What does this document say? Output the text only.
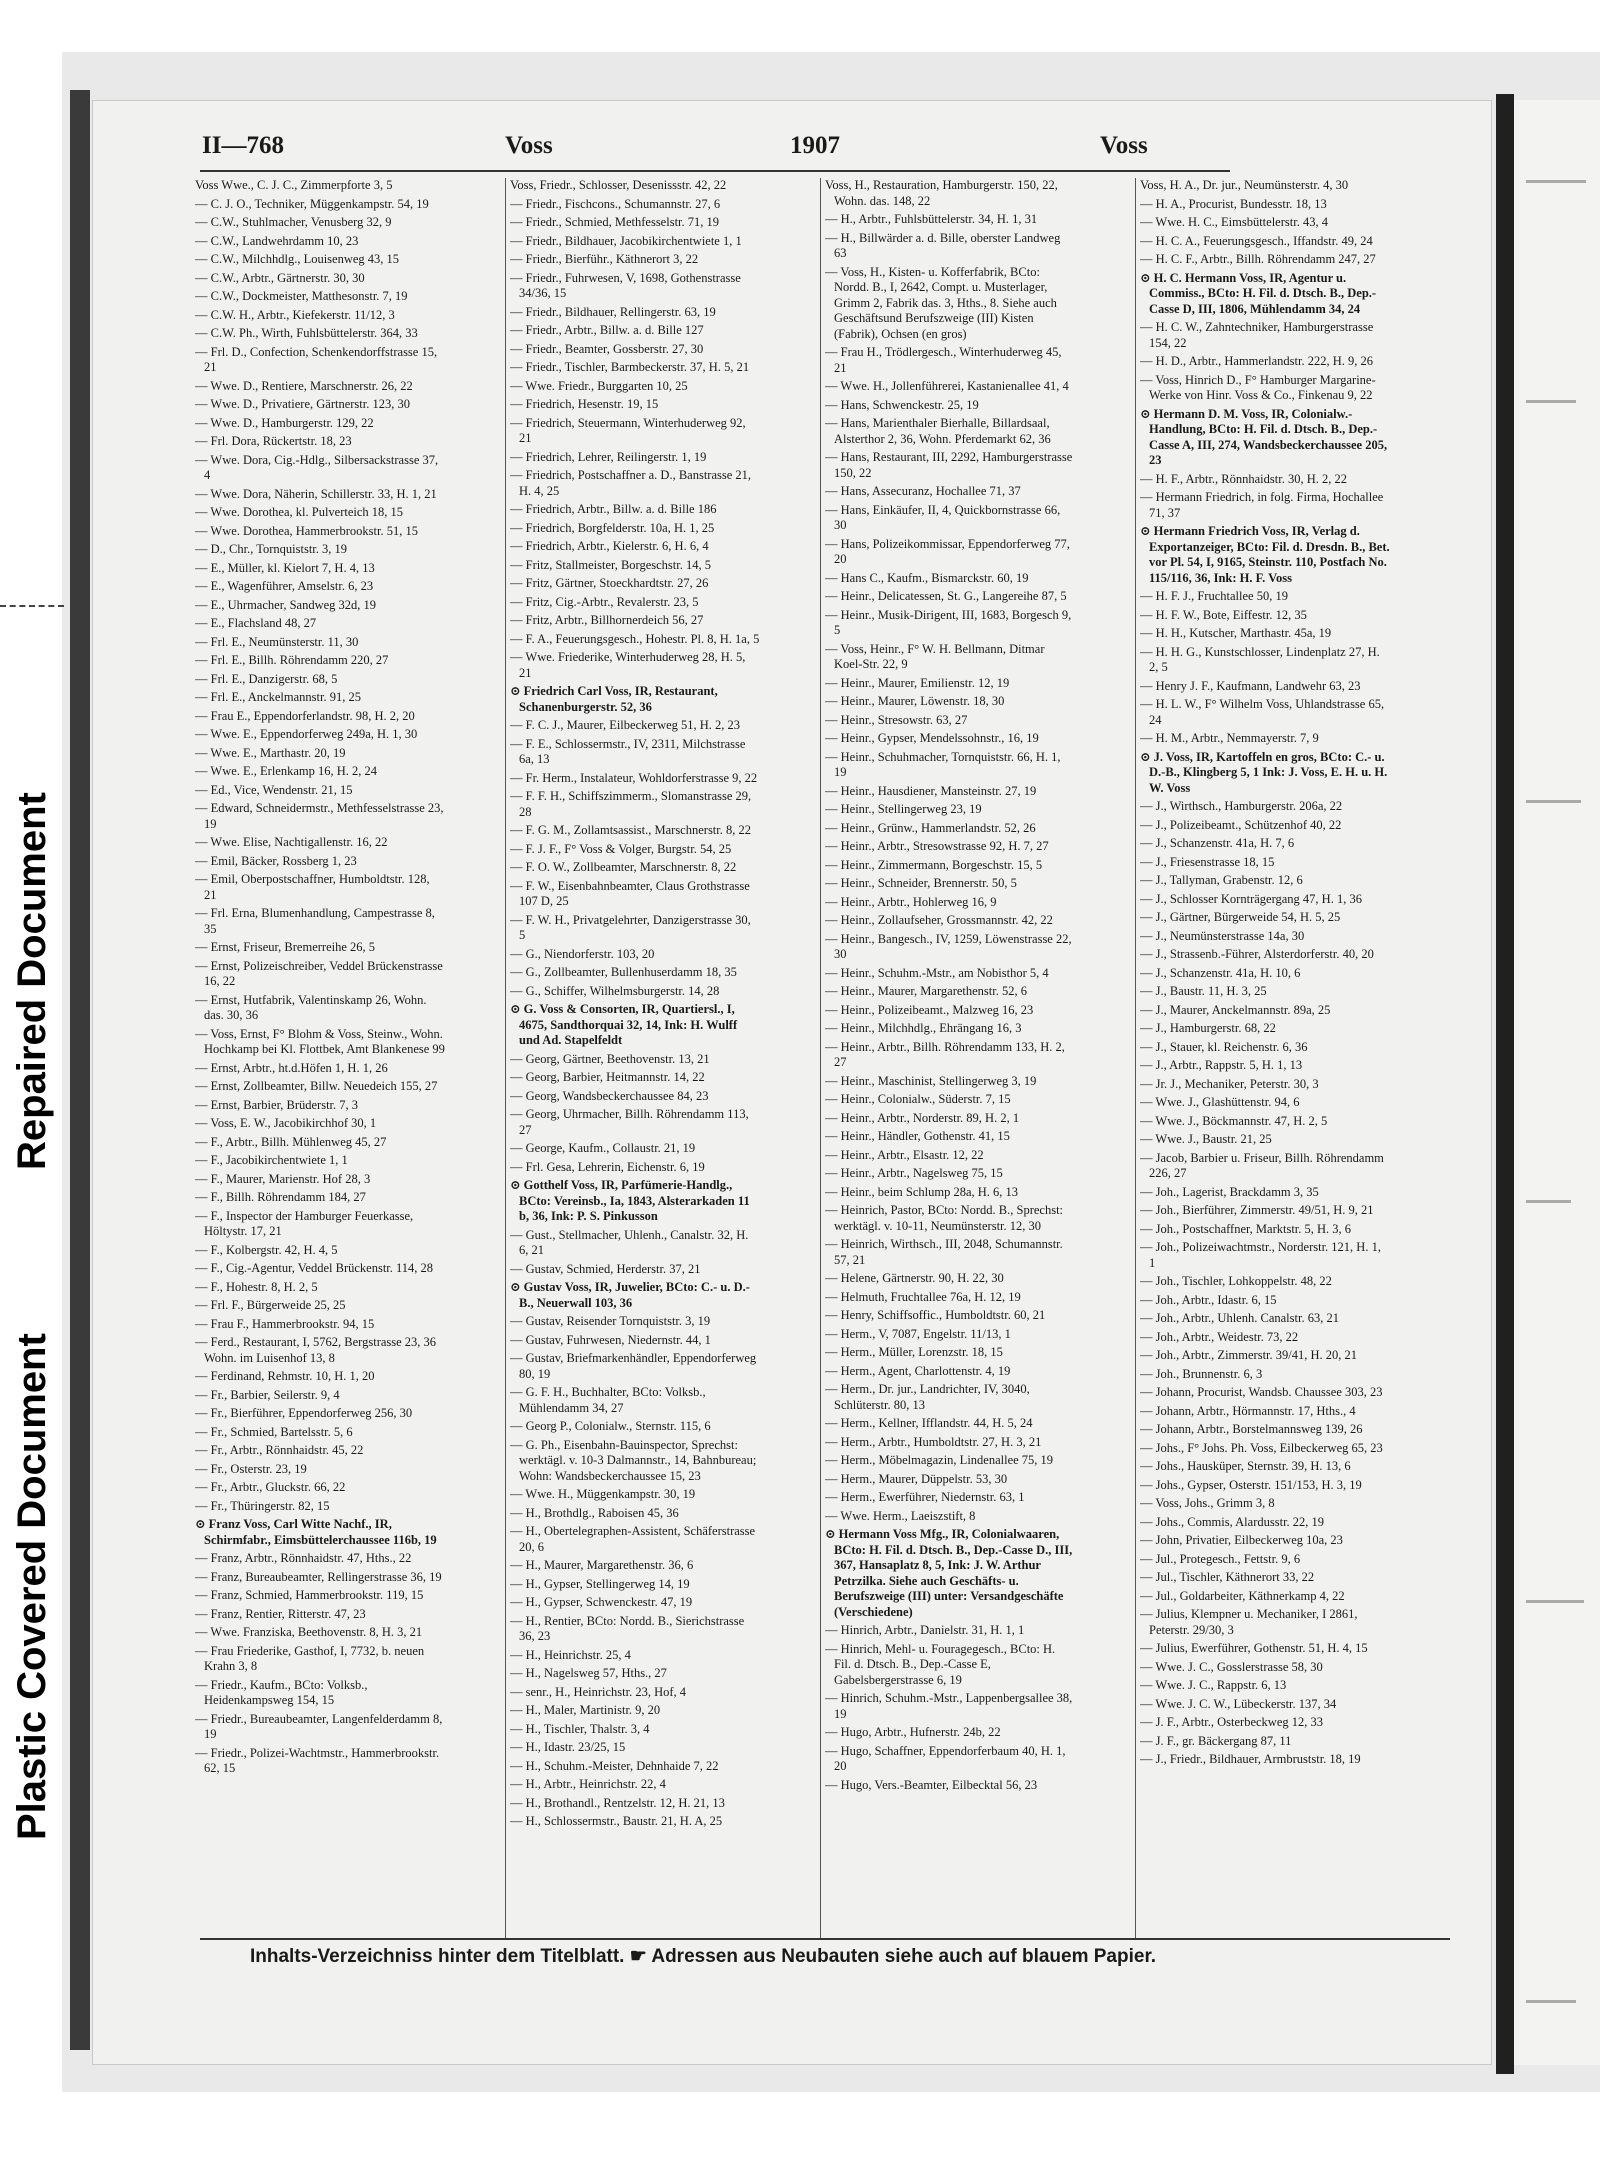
Repaired Document
Plastic Covered Document
II—768	Voss	1907	Voss
Voss Wwe., C. J. C., Zimmerpforte 3, 5
— C. J. O., Techniker, Müggenkampstr. 54, 19
— C.W., Stuhlmacher, Venusberg 32, 9
— C.W., Landwehrdamm 10, 23
— C.W., Milchhdlg., Louisenweg 43, 15
— C.W., Arbtr., Gärtnerstr. 30, 30
— C.W., Dockmeister, Matthesonstr. 7, 19
— C.W. H., Arbtr., Kiefekerstr. 11/12, 3
— C.W. Ph., Wirth, Fuhlsbüttelerstr. 364, 33
— Frl. D., Confection, Schenkendorffstrasse 15, 21
— Wwe. D., Rentiere, Marschnerstr. 26, 22
— Wwe. D., Privatiere, Gärtnerstr. 123, 30
— Wwe. D., Hamburgerstr. 129, 22
— Frl. Dora, Rückertstr. 18, 23
— Wwe. Dora, Cig.-Hdlg., Silbersackstrasse 37, 4
— Wwe. Dora, Näherin, Schillerstr. 33, H. 1, 21
— Wwe. Dorothea, kl. Pulverteich 18, 15
— Wwe. Dorothea, Hammerbrookstr. 51, 15
— D., Chr., Tornquiststr. 3, 19
— E., Müller, kl. Kielort 7, H. 4, 13
— E., Wagenführer, Amselstr. 6, 23
— E., Uhrmacher, Sandweg 32d, 19
— E., Flachsland 48, 27
— Frl. E., Neumünsterstr. 11, 30
— Frl. E., Billh. Röhrendamm 220, 27
— Frl. E., Danzigerstr. 68, 5
— Frl. E., Anckelmannstr. 91, 25
— Frau E., Eppendorferlandstr. 98, H. 2, 20
— Wwe. E., Eppendorferweg 249a, H. 1, 30
— Wwe. E., Marthastr. 20, 19
— Wwe. E., Erlenkamp 16, H. 2, 24
— Ed., Vice, Wendenstr. 21, 15
— Edward, Schneidermstr., Methfesselstrasse 23, 19
— Wwe. Elise, Nachtigallenstr. 16, 22
— Emil, Bäcker, Rossberg 1, 23
— Emil, Oberpostschaffner, Humboldtstr. 128, 21
— Frl. Erna, Blumenhandlung, Campestrasse 8, 35
— Ernst, Friseur, Bremerreihe 26, 5
— Ernst, Polizeischreiber, Veddel Brückenstrasse 16, 22
— Ernst, Hutfabrik, Valentinskamp 26, Wohn. das. 30, 36
— Voss, Ernst, F° Blohm & Voss, Steinw., Wohn. Hochkamp bei Kl. Flottbek, Amt Blankenese 99
— Ernst, Arbtr., ht.d.Höfen 1, H. 1, 26
— Ernst, Zollbeamter, Billw. Neuedeich 155, 27
— Ernst, Barbier, Brüderstr. 7, 3
— Voss, E. W., Jacobikirchhof 30, 1
— F., Arbtr., Billh. Mühlenweg 45, 27
— F., Jacobikirchentwiete 1, 1
— F., Maurer, Marienstr. Hof 28, 3
— F., Billh. Röhrendamm 184, 27
— F., Inspector der Hamburger Feuerkasse, Höltystr. 17, 21
— F., Kolbergstr. 42, H. 4, 5
— F., Cig.-Agentur, Veddel Brückenstr. 114, 28
— F., Hohestr. 8, H. 2, 5
— Frl. F., Bürgerweide 25, 25
— Frau F., Hammerbrookstr. 94, 15
— Ferd., Restaurant, I, 5762, Bergstrasse 23, 36 Wohn. im Luisenhof 13, 8
— Ferdinand, Rehmstr. 10, H. 1, 20
— Fr., Barbier, Seilerstr. 9, 4
— Fr., Bierführer, Eppendorferweg 256, 30
— Fr., Schmied, Bartelsstr. 5, 6
— Fr., Arbtr., Rönnhaidstr. 45, 22
— Fr., Osterstr. 23, 19
— Fr., Arbtr., Gluckstr. 66, 22
— Fr., Thüringerstr. 82, 15
⊙ Franz Voss, Carl Witte Nachf., IR, Schirmfabr., Eimsbüttelerchaussee 116b, 19
— Franz, Arbtr., Rönnhaidstr. 47, Hths., 22
— Franz, Bureaubeamter, Rellingerstrasse 36, 19
— Franz, Schmied, Hammerbrookstr. 119, 15
— Franz, Rentier, Ritterstr. 47, 23
— Wwe. Franziska, Beethovenstr. 8, H. 3, 21
— Frau Friederike, Gasthof, I, 7732, b. neuen Krahn 3, 8
— Friedr., Kaufm., BCto: Volksb., Heidenkampsweg 154, 15
— Friedr., Bureaubeamter, Langenfelderdamm 8, 19
— Friedr., Polizei-Wachtmstr., Hammerbrookstr. 62, 15
Voss, Friedr., Schlosser, Desenissstr. 42, 22
— Friedr., Fischcons., Schumannstr. 27, 6
— Friedr., Schmied, Methfesselstr. 71, 19
— Friedr., Bildhauer, Jacobikirchentwiete 1, 1
— Friedr., Bierführ., Käthnerort 3, 22
— Friedr., Fuhrwesen, V, 1698, Gothenstrasse 34/36, 15
— Friedr., Bildhauer, Rellingerstr. 63, 19
— Friedr., Arbtr., Billw. a. d. Bille 127
— Friedr., Beamter, Gossberstr. 27, 30
— Friedr., Tischler, Barmbeckerstr. 37, H. 5, 21
— Wwe. Friedr., Burggarten 10, 25
— Friedrich, Hesenstr. 19, 15
— Friedrich, Steuermann, Winterhuderweg 92, 21
— Friedrich, Lehrer, Reilingerstr. 1, 19
— Friedrich, Postschaffner a. D., Banstrasse 21, H. 4, 25
— Friedrich, Arbtr., Billw. a. d. Bille 186
— Friedrich, Borgfelderstr. 10a, H. 1, 25
— Friedrich, Arbtr., Kielerstr. 6, H. 6, 4
— Fritz, Stallmeister, Borgeschstr. 14, 5
— Fritz, Gärtner, Stoeckhardtstr. 27, 26
— Fritz, Cig.-Arbtr., Revalerstr. 23, 5
— Fritz, Arbtr., Billhornerdeich 56, 27
— F. A., Feuerungsgesch., Hohestr. Pl. 8, H. 1a, 5
— Wwe. Friederike, Winterhuderweg 28, H. 5, 21
⊙ Friedrich Carl Voss, IR, Restaurant, Schanenburgerstr. 52, 36
— F. C. J., Maurer, Eilbeckerweg 51, H. 2, 23
— F. E., Schlossermstr., IV, 2311, Milchstrasse 6a, 13
— Fr. Herm., Instalateur, Wohldorferstrasse 9, 22
— F. F. H., Schiffszimmerm., Slomanstrasse 29, 28
— F. G. M., Zollamtsassist., Marschnerstr. 8, 22
— F. J. F., F° Voss & Volger, Burgstr. 54, 25
— F. O. W., Zollbeamter, Marschnerstr. 8, 22
— F. W., Eisenbahnbeamter, Claus Grothstrasse 107 D, 25
— F. W. H., Privatgelehrter, Danzigerstrasse 30, 5
— G., Niendorferstr. 103, 20
— G., Zollbeamter, Bullenhuserdamm 18, 35
— G., Schiffer, Wilhelmsburgerstr. 14, 28
⊙ G. Voss & Consorten, IR, Quartiersl., I, 4675, Sandthorquai 32, 14, Ink: H. Wulff und Ad. Stapelfeldt
— Georg, Gärtner, Beethovenstr. 13, 21
— Georg, Barbier, Heitmannstr. 14, 22
— Georg, Wandsbeckerchaussee 84, 23
— Georg, Uhrmacher, Billh. Röhrendamm 113, 27
— George, Kaufm., Collaustr. 21, 19
— Frl. Gesa, Lehrerin, Eichenstr. 6, 19
⊙ Gotthelf Voss, IR, Parfümerie-Handlg., BCto: Vereinsb., Ia, 1843, Alsterarkaden 11 b, 36, Ink: P. S. Pinkusson
— Gust., Stellmacher, Uhlenh., Canalstr. 32, H. 6, 21
— Gustav, Schmied, Herderstr. 37, 21
⊙ Gustav Voss, IR, Juwelier, BCto: C.- u. D.-B., Neuerwall 103, 36
— Gustav, Reisender Tornquiststr. 3, 19
— Gustav, Fuhrwesen, Niedernstr. 44, 1
— Gustav, Briefmarkenhändler, Eppendorferweg 80, 19
— G. F. H., Buchhalter, BCto: Volksb., Mühlendamm 34, 27
— Georg P., Colonialw., Sternstr. 115, 6
— G. Ph., Eisenbahn-Bauinspector, Sprechst: werktägl. v. 10-3 Dalmannstr., 14, Bahnbureau; Wohn: Wandsbeckerchaussee 15, 23
— Wwe. H., Müggenkampstr. 30, 19
— H., Brothdlg., Raboisen 45, 36
— H., Obertelegraphen-Assistent, Schäferstrasse 20, 6
— H., Maurer, Margarethenstr. 36, 6
— H., Gypser, Stellingerweg 14, 19
— H., Gypser, Schwenckestr. 47, 19
— H., Rentier, BCto: Nordd. B., Sierichstrasse 36, 23
— H., Heinrichstr. 25, 4
— H., Nagelsweg 57, Hths., 27
— senr., H., Heinrichstr. 23, Hof, 4
— H., Maler, Martinistr. 9, 20
— H., Tischler, Thalstr. 3, 4
— H., Idastr. 23/25, 15
— H., Schuhm.-Meister, Dehnhaide 7, 22
— H., Arbtr., Heinrichstr. 22, 4
— H., Brothandl., Rentzelstr. 12, H. 21, 13
— H., Schlossermstr., Baustr. 21, H. A, 25
Voss, H., Restauration, Hamburgerstr. 150, 22, Wohn. das. 148, 22
— H., Arbtr., Fuhlsbüttelerstr. 34, H. 1, 31
— H., Billwärder a. d. Bille, oberster Landweg 63
— Voss, H., Kisten- u. Kofferfabrik, BCto: Nordd. B., I, 2642, Compt. u. Musterlager, Grimm 2, Fabrik das. 3, Hths., 8. Siehe auch Geschäftsund Berufszweige (III) Kisten (Fabrik), Ochsen (en gros)
— Frau H., Trödlergesch., Winterhuderweg 45, 21
— Wwe. H., Jollenführerei, Kastanienallee 41, 4
— Hans, Schwenckestr. 25, 19
— Hans, Marienthaler Bierhalle, Billardsaal, Alsterthor 2, 36, Wohn. Pferdemarkt 62, 36
— Hans, Restaurant, III, 2292, Hamburgerstrasse 150, 22
— Hans, Assecuranz, Hochallee 71, 37
— Hans, Einkäufer, II, 4, Quickbornstrasse 66, 30
— Hans, Polizeikommissar, Eppendorferweg 77, 20
— Hans C., Kaufm., Bismarckstr. 60, 19
— Heinr., Delicatessen, St. G., Langereihe 87, 5
— Heinr., Musik-Dirigent, III, 1683, Borgesch 9, 5
— Voss, Heinr., F° W. H. Bellmann, Ditmar Koel-Str. 22, 9
— Heinr., Maurer, Emilienstr. 12, 19
— Heinr., Maurer, Löwenstr. 18, 30
— Heinr., Stresowstr. 63, 27
— Heinr., Gypser, Mendelssohnstr., 16, 19
— Heinr., Schuhmacher, Tornquiststr. 66, H. 1, 19
— Heinr., Hausdiener, Mansteinstr. 27, 19
— Heinr., Stellingerweg 23, 19
— Heinr., Grünw., Hammerlandstr. 52, 26
— Heinr., Arbtr., Stresowstrasse 92, H. 7, 27
— Heinr., Zimmermann, Borgeschstr. 15, 5
— Heinr., Schneider, Brennerstr. 50, 5
— Heinr., Arbtr., Hohlerweg 16, 9
— Heinr., Zollaufseher, Grossmannstr. 42, 22
— Heinr., Bangesch., IV, 1259, Löwenstrasse 22, 30
— Heinr., Schuhm.-Mstr., am Nobisthor 5, 4
— Heinr., Maurer, Margarethenstr. 52, 6
— Heinr., Polizeibeamt., Malzweg 16, 23
— Heinr., Milchhdlg., Ehrängang 16, 3
— Heinr., Arbtr., Billh. Röhrendamm 133, H. 2, 27
— Heinr., Maschinist, Stellingerweg 3, 19
— Heinr., Colonialw., Süderstr. 7, 15
— Heinr., Arbtr., Norderstr. 89, H. 2, 1
— Heinr., Händler, Gothenstr. 41, 15
— Heinr., Arbtr., Elsastr. 12, 22
— Heinr., Arbtr., Nagelsweg 75, 15
— Heinr., beim Schlump 28a, H. 6, 13
— Heinrich, Pastor, BCto: Nordd. B., Sprechst: werktägl. v. 10-11, Neumünsterstr. 12, 30
— Heinrich, Wirthsch., III, 2048, Schumannstr. 57, 21
— Helene, Gärtnerstr. 90, H. 22, 30
— Helmuth, Fruchtallee 76a, H. 12, 19
— Henry, Schiffsoffic., Humboldtstr. 60, 21
— Herm., V, 7087, Engelstr. 11/13, 1
— Herm., Müller, Lorenzstr. 18, 15
— Herm., Agent, Charlottenstr. 4, 19
— Herm., Dr. jur., Landrichter, IV, 3040, Schlüterstr. 80, 13
— Herm., Kellner, Ifflandstr. 44, H. 5, 24
— Herm., Arbtr., Humboldtstr. 27, H. 3, 21
— Herm., Möbelmagazin, Lindenallee 75, 19
— Herm., Maurer, Düppelstr. 53, 30
— Herm., Ewerführer, Niedernstr. 63, 1
— Wwe. Herm., Laeiszstift, 8
⊙ Hermann Voss Mfg., IR, Colonialwaaren, BCto: H. Fil. d. Dtsch. B., Dep.-Casse D., III, 367, Hansaplatz 8, 5, Ink: J. W. Arthur Petrzilka. Siehe auch Geschäfts- u. Berufszweige (III) unter: Versandgeschäfte (Verschiedene)
— Hinrich, Arbtr., Danielstr. 31, H. 1, 1
— Hinrich, Mehl- u. Fouragegesch., BCto: H. Fil. d. Dtsch. B., Dep.-Casse E, Gabelsbergerstrasse 6, 19
— Hinrich, Schuhm.-Mstr., Lappenbergsallee 38, 19
— Hugo, Arbtr., Hufnerstr. 24b, 22
— Hugo, Schaffner, Eppendorferbaum 40, H. 1, 20
— Hugo, Vers.-Beamter, Eilbecktal 56, 23
Voss, H. A., Dr. jur., Neumünsterstr. 4, 30
— H. A., Procurist, Bundesstr. 18, 13
— Wwe. H. C., Eimsbüttelerstr. 43, 4
— H. C. A., Feuerungsgesch., Iffandstr. 49, 24
— H. C. F., Arbtr., Billh. Röhrendamm 247, 27
⊙ H. C. Hermann Voss, IR, Agentur u. Commiss., BCto: H. Fil. d. Dtsch. B., Dep.-Casse D, III, 1806, Mühlendamm 34, 24
— H. C. W., Zahntechniker, Hamburgerstrasse 154, 22
— H. D., Arbtr., Hammerlandstr. 222, H. 9, 26
— Voss, Hinrich D., F° Hamburger Margarine-Werke von Hinr. Voss & Co., Finkenau 9, 22
⊙ Hermann D. M. Voss, IR, Colonialw.-Handlung, BCto: H. Fil. d. Dtsch. B., Dep.-Casse A, III, 274, Wandsbeckerchaussee 205, 23
— H. F., Arbtr., Rönnhaidstr. 30, H. 2, 22
— Hermann Friedrich, in folg. Firma, Hochallee 71, 37
⊙ Hermann Friedrich Voss, IR, Verlag d. Exportanzeiger, BCto: Fil. d. Dresdn. B., Bet. vor Pl. 54, I, 9165, Steinstr. 110, Postfach No. 115/116, 36, Ink: H. F. Voss
— H. F. J., Fruchtallee 50, 19
— H. F. W., Bote, Eiffestr. 12, 35
— H. H., Kutscher, Marthastr. 45a, 19
— H. H. G., Kunstschlosser, Lindenplatz 27, H. 2, 5
— Henry J. F., Kaufmann, Landwehr 63, 23
— H. L. W., F° Wilhelm Voss, Uhlandstrasse 65, 24
— H. M., Arbtr., Nemmayerstr. 7, 9
⊙ J. Voss, IR, Kartoffeln en gros, BCto: C.- u. D.-B., Klingberg 5, 1 Ink: J. Voss, E. H. u. H. W. Voss
— J., Wirthsch., Hamburgerstr. 206a, 22
— J., Polizeibeamt., Schützenhof 40, 22
— J., Schanzenstr. 41a, H. 7, 6
— J., Friesenstrasse 18, 15
— J., Tallyman, Grabenstr. 12, 6
— J., Schlosser Kornträgergang 47, H. 1, 36
— J., Gärtner, Bürgerweide 54, H. 5, 25
— J., Neumünsterstrasse 14a, 30
— J., Strassenb.-Führer, Alsterdorferstr. 40, 20
— J., Schanzenstr. 41a, H. 10, 6
— J., Baustr. 11, H. 3, 25
— J., Maurer, Anckelmannstr. 89a, 25
— J., Hamburgerstr. 68, 22
— J., Stauer, kl. Reichenstr. 6, 36
— J., Arbtr., Rappstr. 5, H. 1, 13
— Jr. J., Mechaniker, Peterstr. 30, 3
— Wwe. J., Glashüttenstr. 94, 6
— Wwe. J., Böckmannstr. 47, H. 2, 5
— Wwe. J., Baustr. 21, 25
— Jacob, Barbier u. Friseur, Billh. Röhrendamm 226, 27
— Joh., Lagerist, Brackdamm 3, 35
— Joh., Bierführer, Zimmerstr. 49/51, H. 9, 21
— Joh., Postschaffner, Marktstr. 5, H. 3, 6
— Joh., Polizeiwachtmstr., Norderstr. 121, H. 1, 1
— Joh., Tischler, Lohkoppelstr. 48, 22
— Joh., Arbtr., Idastr. 6, 15
— Joh., Arbtr., Uhlenh. Canalstr. 63, 21
— Joh., Arbtr., Weidestr. 73, 22
— Joh., Arbtr., Zimmerstr. 39/41, H. 20, 21
— Joh., Brunnenstr. 6, 3
— Johann, Procurist, Wandsb. Chaussee 303, 23
— Johann, Arbtr., Hörmannstr. 17, Hths., 4
— Johann, Arbtr., Borstelmannsweg 139, 26
— Johs., F° Johs. Ph. Voss, Eilbeckerweg 65, 23
— Johs., Hausküper, Sternstr. 39, H. 13, 6
— Johs., Gypser, Osterstr. 151/153, H. 3, 19
— Voss, Johs., Grimm 3, 8
— Johs., Commis, Alardusstr. 22, 19
— John, Privatier, Eilbeckerweg 10a, 23
— Jul., Protegesch., Fettstr. 9, 6
— Jul., Tischler, Käthnerort 33, 22
— Jul., Goldarbeiter, Käthnerkamp 4, 22
— Julius, Klempner u. Mechaniker, I 2861, Peterstr. 29/30, 3
— Julius, Ewerführer, Gothenstr. 51, H. 4, 15
— Wwe. J. C., Gosslerstrasse 58, 30
— Wwe. J. C., Rappstr. 6, 13
— Wwe. J. C. W., Lübeckerstr. 137, 34
— J. F., Arbtr., Osterbeckweg 12, 33
— J. F., gr. Bäckergang 87, 11
— J., Friedr., Bildhauer, Armbruststr. 18, 19
Inhalts-Verzeichniss hinter dem Titelblatt. ☛ Adressen aus Neubauten siehe auch auf blauem Papier.
